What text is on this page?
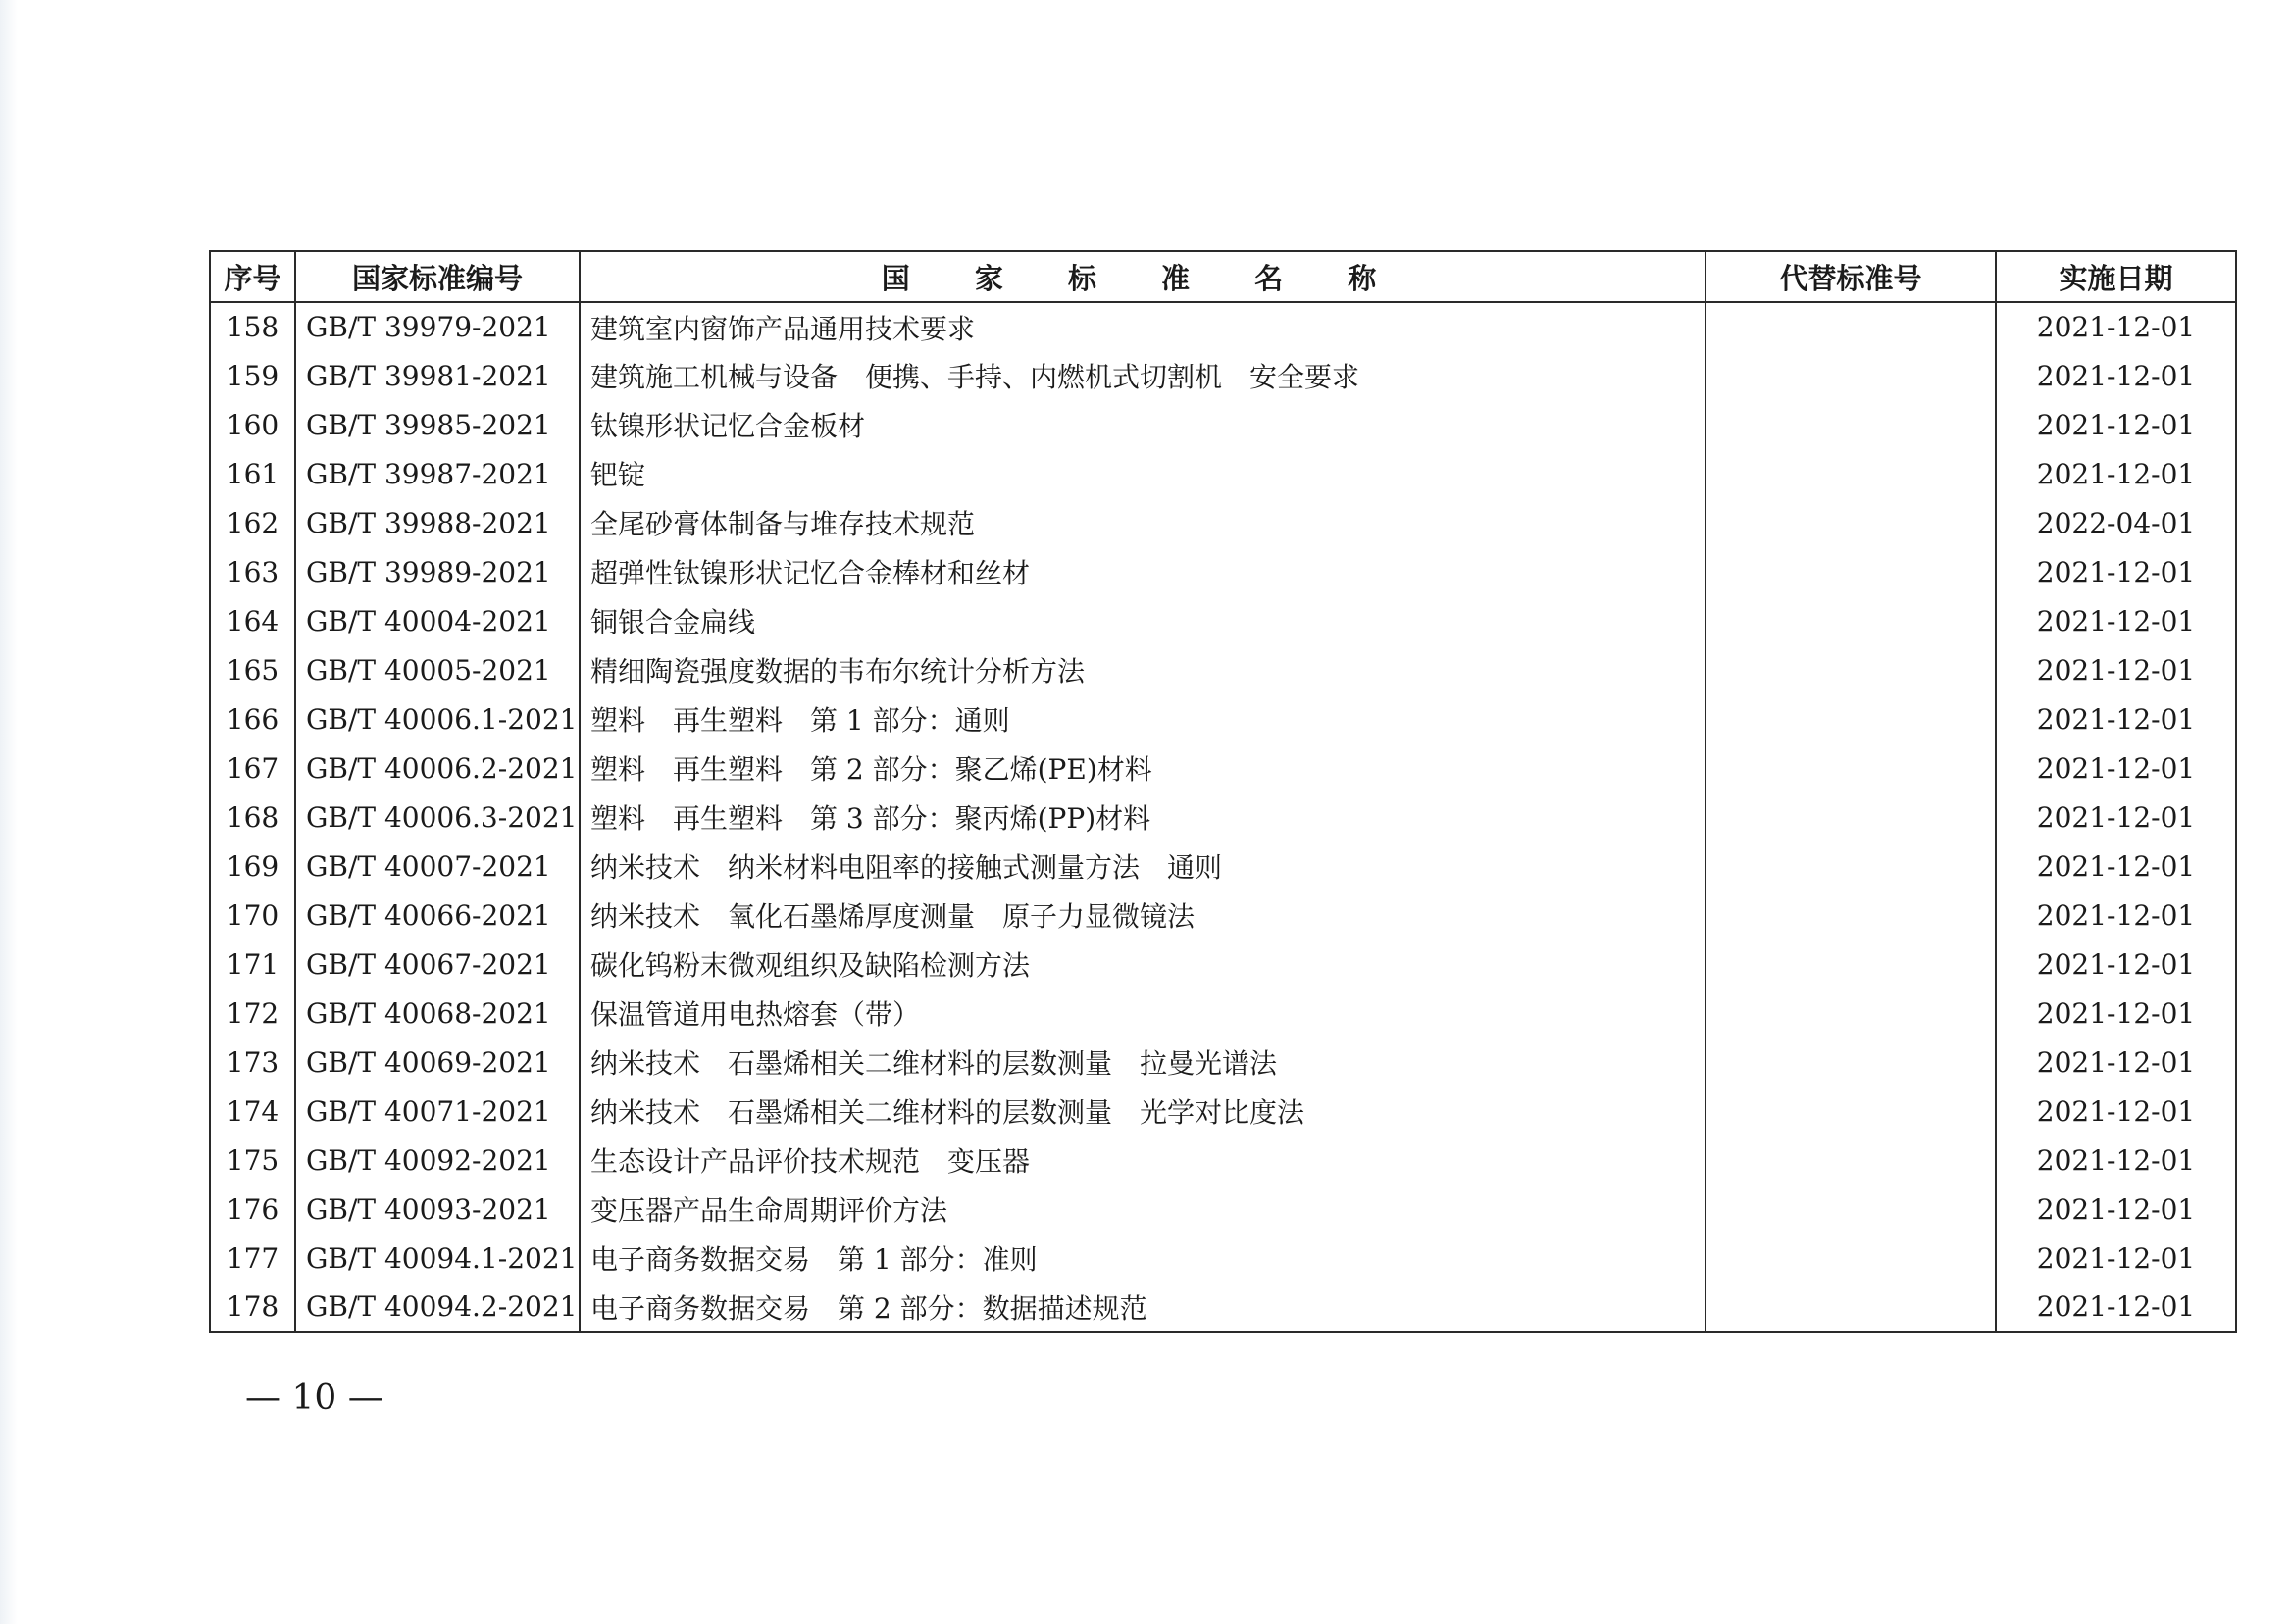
序号	国家标准编号	国 家 标 准 名 称	代替标准号	实施日期
158	GB/T 39979-2021	建筑室内窗饰产品通用技术要求		2021-12-01
159	GB/T 39981-2021	建筑施工机械与设备　便携、手持、内燃机式切割机　安全要求		2021-12-01
160	GB/T 39985-2021	钛镍形状记忆合金板材		2021-12-01
161	GB/T 39987-2021	钯锭		2021-12-01
162	GB/T 39988-2021	全尾砂膏体制备与堆存技术规范		2022-04-01
163	GB/T 39989-2021	超弹性钛镍形状记忆合金棒材和丝材		2021-12-01
164	GB/T 40004-2021	铜银合金扁线		2021-12-01
165	GB/T 40005-2021	精细陶瓷强度数据的韦布尔统计分析方法		2021-12-01
166	GB/T 40006.1-2021	塑料　再生塑料　第 1 部分：通则		2021-12-01
167	GB/T 40006.2-2021	塑料　再生塑料　第 2 部分：聚乙烯(PE)材料		2021-12-01
168	GB/T 40006.3-2021	塑料　再生塑料　第 3 部分：聚丙烯(PP)材料		2021-12-01
169	GB/T 40007-2021	纳米技术　纳米材料电阻率的接触式测量方法　通则		2021-12-01
170	GB/T 40066-2021	纳米技术　氧化石墨烯厚度测量　原子力显微镜法		2021-12-01
171	GB/T 40067-2021	碳化钨粉末微观组织及缺陷检测方法		2021-12-01
172	GB/T 40068-2021	保温管道用电热熔套（带）		2021-12-01
173	GB/T 40069-2021	纳米技术　石墨烯相关二维材料的层数测量　拉曼光谱法		2021-12-01
174	GB/T 40071-2021	纳米技术　石墨烯相关二维材料的层数测量　光学对比度法		2021-12-01
175	GB/T 40092-2021	生态设计产品评价技术规范　变压器		2021-12-01
176	GB/T 40093-2021	变压器产品生命周期评价方法		2021-12-01
177	GB/T 40094.1-2021	电子商务数据交易　第 1 部分：准则		2021-12-01
178	GB/T 40094.2-2021	电子商务数据交易　第 2 部分：数据描述规范		2021-12-01
— 10 —
